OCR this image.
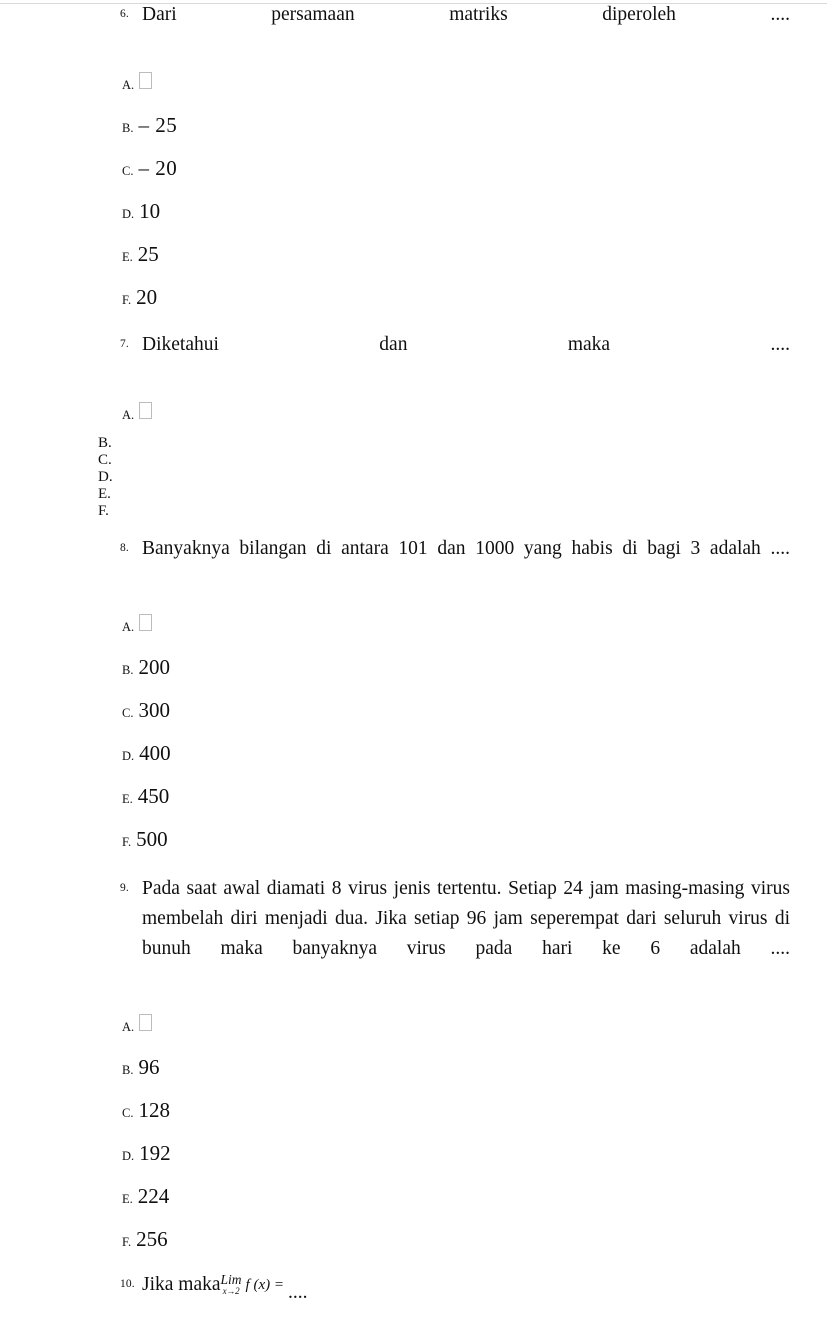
6. Dari persamaan matriks diperoleh ....
A.
B. – 25
C. – 20
D. 10
E. 25
F. 20
7. Diketahui dan maka ....
A.
B.
C.
D.
E.
F.
8. Banyaknya bilangan di antara 101 dan 1000 yang habis di bagi 3 adalah ....
A.
B. 200
C. 300
D. 400
E. 450
F. 500
9. Pada saat awal diamati 8 virus jenis tertentu. Setiap 24 jam masing-masing virus membelah diri menjadi dua. Jika setiap 96 jam seperempat dari seluruh virus di bunuh maka banyaknya virus pada hari ke 6 adalah ....
A.
B. 96
C. 128
D. 192
E. 224
F. 256
10. Jika maka Lim
x→2 f (x) = ....
